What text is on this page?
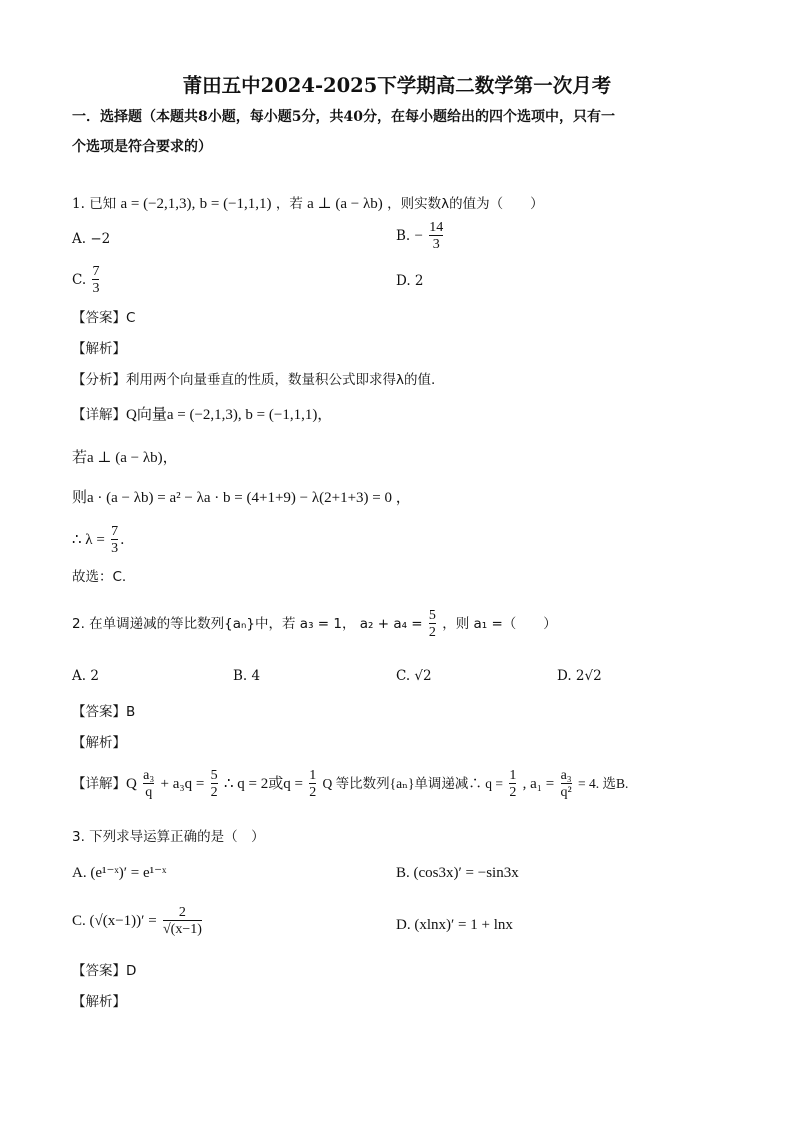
莆田五中2024-2025下学期高二数学第一次月考
一．选择题（本题共8小题，每小题5分，共40分，在每小题给出的四个选项中，只有一
个选项是符合要求的）
1. 已知 a = (−2,1,3), b = (−1,1,1) ，若 a ⊥ (a − λb) ，则实数λ的值为（　　）
A. −2	B. − $\frac{14}{3}$
C. $\frac{7}{3}$	D. 2
【答案】C
【解析】
【分析】利用两个向量垂直的性质，数量积公式即求得λ的值.
【详解】Q向量a = (−2,1,3), b = (−1,1,1)，
若a ⊥ (a − λb)，
则a · (a − λb) = a² − λa · b = (4+1+9) − λ(2+1+3) = 0 ，
∴ $\lambda = \frac{7}{3}$ .
故选：C.
2. 在单调递减的等比数列{aₙ}中，若 a₃ = 1， $a_2 + a_4 = \frac{5}{2}$ ，则 a₁ =（　　）
A. 2	B. 4	C. √2	D. 2√2
【答案】B
【解析】
【详解】Q $\frac{\text{a₃}}{q} + a_3q = \frac{5}{2}$ ∴ q = 2或$q = \frac{1}{2}$ Q 等比数列{aₙ}单调递减∴ $q = \frac{1}{2}$ , $a_1 = \frac{\text{a₃}}{\text{q²}} = 4$. 选B.
3. 下列求导运算正确的是（　）
A. (e¹⁻ˣ)′ = e¹⁻ˣ	B. (cos3x)′ = −sin3x
C. $(√(x-1))' = \frac{2}{√(x-1)}$	D. (xlnx)′ = 1 + lnx
【答案】D
【解析】
